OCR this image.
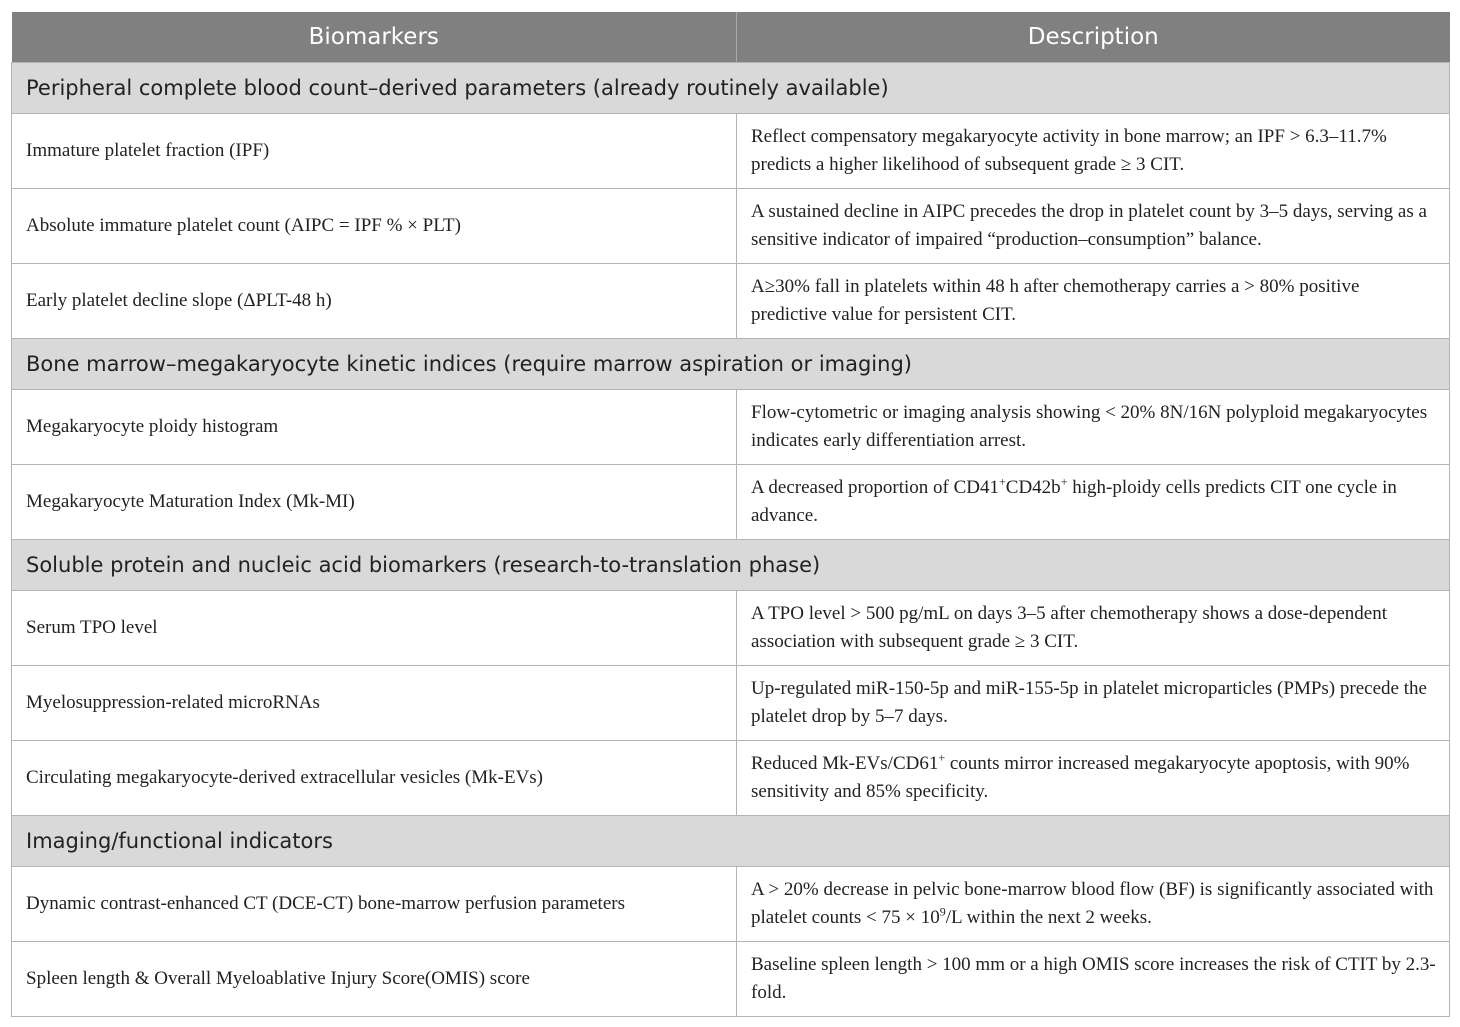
Biomarkers	Description
Peripheral complete blood count–derived parameters (already routinely available)	
Immature platelet fraction (IPF)	Reflect compensatory megakaryocyte activity in bone marrow; an IPF > 6.3–11.7% predicts a higher likelihood of subsequent grade ≥ 3 CIT.
Absolute immature platelet count (AIPC = IPF % × PLT)	A sustained decline in AIPC precedes the drop in platelet count by 3–5 days, serving as a sensitive indicator of impaired “production–consumption” balance.
Early platelet decline slope (ΔPLT-48 h)	A≥30% fall in platelets within 48 h after chemotherapy carries a > 80% positive predictive value for persistent CIT.
Bone marrow–megakaryocyte kinetic indices (require marrow aspiration or imaging)	
Megakaryocyte ploidy histogram	Flow-cytometric or imaging analysis showing < 20% 8N/16N polyploid megakaryocytes indicates early differentiation arrest.
Megakaryocyte Maturation Index (Mk-MI)	A decreased proportion of CD41+CD42b+ high-ploidy cells predicts CIT one cycle in advance.
Soluble protein and nucleic acid biomarkers (research-to-translation phase)	
Serum TPO level	A TPO level > 500 pg/mL on days 3–5 after chemotherapy shows a dose-dependent association with subsequent grade ≥ 3 CIT.
Myelosuppression-related microRNAs	Up-regulated miR-150-5p and miR-155-5p in platelet microparticles (PMPs) precede the platelet drop by 5–7 days.
Circulating megakaryocyte-derived extracellular vesicles (Mk-EVs)	Reduced Mk-EVs/CD61+ counts mirror increased megakaryocyte apoptosis, with 90% sensitivity and 85% specificity.
Imaging/functional indicators	
Dynamic contrast-enhanced CT (DCE-CT) bone-marrow perfusion parameters	A > 20% decrease in pelvic bone-marrow blood flow (BF) is significantly associated with platelet counts < $75 \times 10^9/L$ within the next 2 weeks.
Spleen length & Overall Myeloablative Injury Score(OMIS) score	Baseline spleen length > 100 mm or a high OMIS score increases the risk of CTIT by 2.3-fold.
